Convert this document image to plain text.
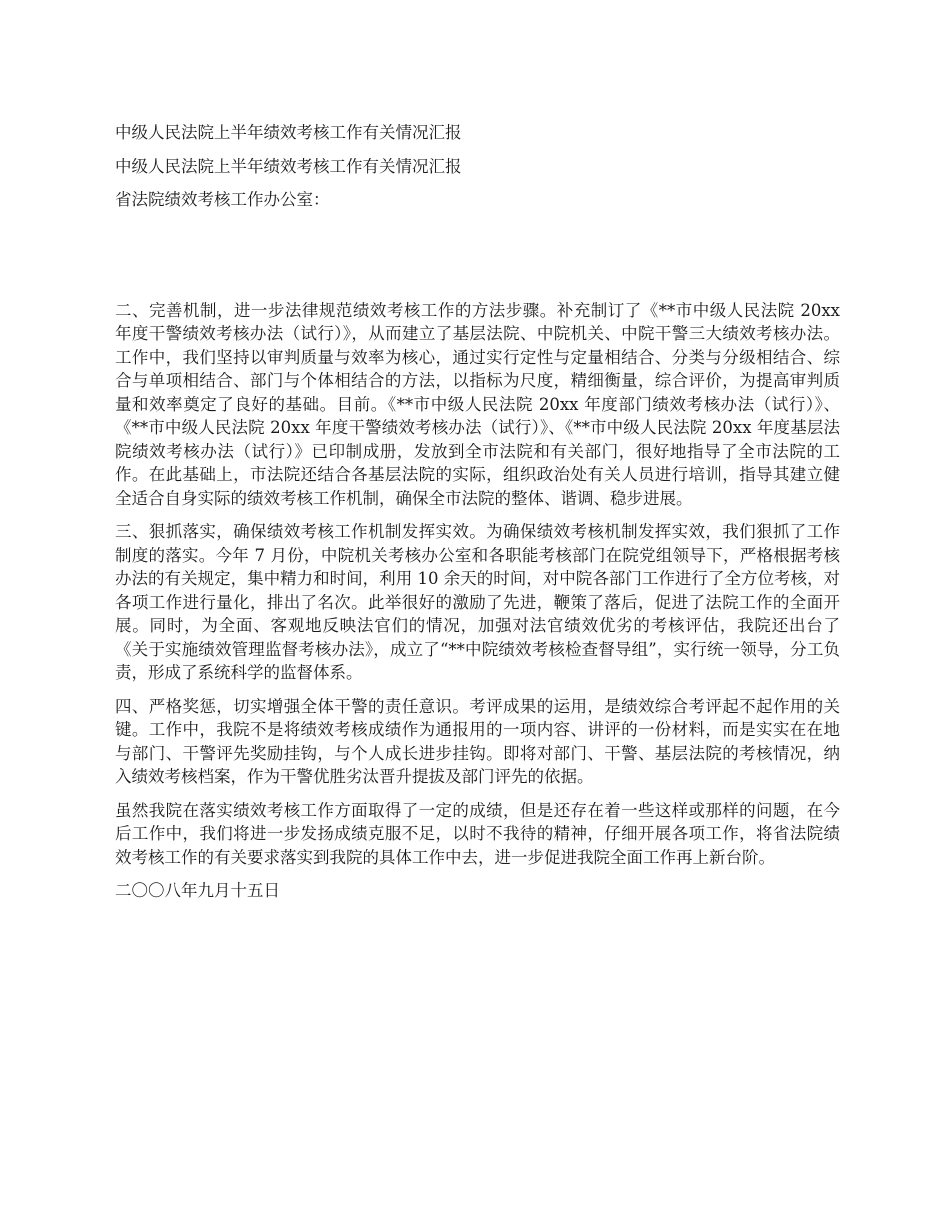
中级人民法院上半年绩效考核工作有关情况汇报

中级人民法院上半年绩效考核工作有关情况汇报

省法院绩效考核工作办公室：

二、完善机制，进一步法律规范绩效考核工作的方法步骤。补充制订了《**市中级人民法院 20xx 年度干警绩效考核办法（试行）》，从而建立了基层法院、中院机关、中院干警三大绩效考核办法。工作中，我们坚持以审判质量与效率为核心，通过实行定性与定量相结合、分类与分级相结合、综合与单项相结合、部门与个体相结合的方法，以指标为尺度，精细衡量，综合评价，为提高审判质量和效率奠定了良好的基础。目前。《**市中级人民法院 20xx 年度部门绩效考核办法（试行）》、《**市中级人民法院 20xx 年度干警绩效考核办法（试行）》、《**市中级人民法院 20xx 年度基层法院绩效考核办法（试行）》已印制成册，发放到全市法院和有关部门，很好地指导了全市法院的工作。在此基础上，市法院还结合各基层法院的实际，组织政治处有关人员进行培训，指导其建立健全适合自身实际的绩效考核工作机制，确保全市法院的整体、谐调、稳步进展。

三、狠抓落实，确保绩效考核工作机制发挥实效。为确保绩效考核机制发挥实效，我们狠抓了工作制度的落实。今年 7 月份，中院机关考核办公室和各职能考核部门在院党组领导下，严格根据考核办法的有关规定，集中精力和时间，利用 10 余天的时间，对中院各部门工作进行了全方位考核，对各项工作进行量化，排出了名次。此举很好的激励了先进，鞭策了落后，促进了法院工作的全面开展。同时，为全面、客观地反映法官们的情况，加强对法官绩效优劣的考核评估，我院还出台了《关于实施绩效管理监督考核办法》，成立了“**中院绩效考核检查督导组”，实行统一领导，分工负责，形成了系统科学的监督体系。

四、严格奖惩，切实增强全体干警的责任意识。考评成果的运用，是绩效综合考评起不起作用的关键。工作中，我院不是将绩效考核成绩作为通报用的一项内容、讲评的一份材料，而是实实在在地与部门、干警评先奖励挂钩，与个人成长进步挂钩。即将对部门、干警、基层法院的考核情况，纳入绩效考核档案，作为干警优胜劣汰晋升提拔及部门评先的依据。

虽然我院在落实绩效考核工作方面取得了一定的成绩，但是还存在着一些这样或那样的问题，在今后工作中，我们将进一步发扬成绩克服不足，以时不我待的精神，仔细开展各项工作，将省法院绩效考核工作的有关要求落实到我院的具体工作中去，进一步促进我院全面工作再上新台阶。

二〇〇八年九月十五日
